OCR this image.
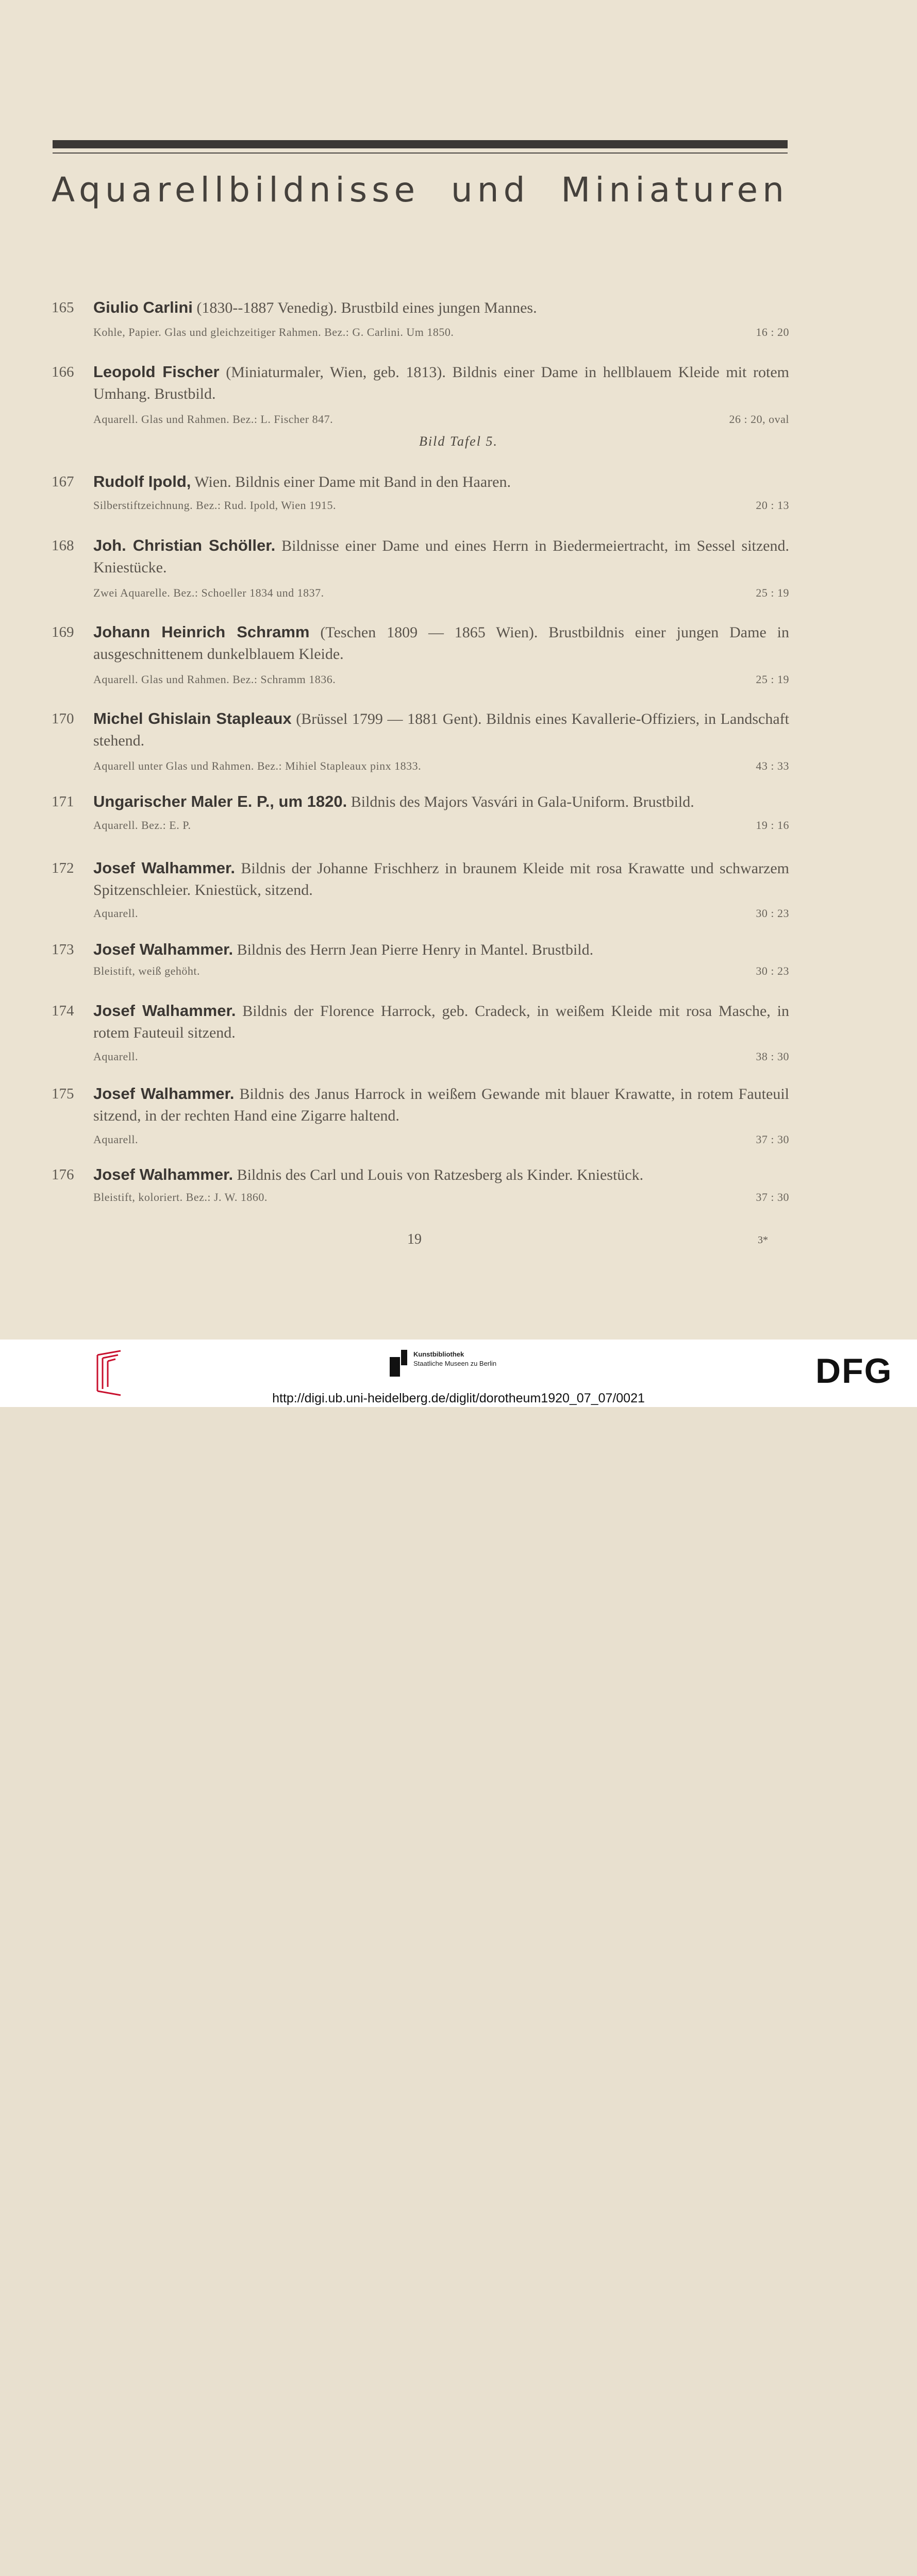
Aquarellbildnisse und Miniaturen
165	Giulio Carlini (1830--1887 Venedig). Brustbild eines jungen Mannes.
Kohle, Papier. Glas und gleichzeitiger Rahmen. Bez.: G. Carlini. Um 1850.	16 : 20
166	Leopold Fischer (Miniaturmaler, Wien, geb. 1813). Bildnis einer Dame in hellblauem Kleide mit rotem Umhang. Brustbild.
Aquarell. Glas und Rahmen. Bez.: L. Fischer 847.	26 : 20, oval
Bild Tafel 5.
167	Rudolf Ipold, Wien. Bildnis einer Dame mit Band in den Haaren.
Silberstiftzeichnung. Bez.: Rud. Ipold, Wien 1915.	20 : 13
168	Joh. Christian Schöller. Bildnisse einer Dame und eines Herrn in Biedermeiertracht, im Sessel sitzend. Kniestücke.
Zwei Aquarelle. Bez.: Schoeller 1834 und 1837.	25 : 19
169	Johann Heinrich Schramm (Teschen 1809 — 1865 Wien). Brustbildnis einer jungen Dame in ausgeschnittenem dunkelblauem Kleide.
Aquarell. Glas und Rahmen. Bez.: Schramm 1836.	25 : 19
170	Michel Ghislain Stapleaux (Brüssel 1799 — 1881 Gent). Bildnis eines Kavallerie-Offiziers, in Landschaft stehend.
Aquarell unter Glas und Rahmen. Bez.: Mihiel Stapleaux pinx 1833.	43 : 33
171	Ungarischer Maler E. P., um 1820. Bildnis des Majors Vasvári in Gala-Uniform. Brustbild.
Aquarell. Bez.: E. P.	19 : 16
172	Josef Walhammer. Bildnis der Johanne Frischherz in braunem Kleide mit rosa Krawatte und schwarzem Spitzenschleier. Kniestück, sitzend.
Aquarell.	30 : 23
173	Josef Walhammer. Bildnis des Herrn Jean Pierre Henry in Mantel. Brustbild.
Bleistift, weiß gehöht.	30 : 23
174	Josef Walhammer. Bildnis der Florence Harrock, geb. Cradeck, in weißem Kleide mit rosa Masche, in rotem Fauteuil sitzend.
Aquarell.	38 : 30
175	Josef Walhammer. Bildnis des Janus Harrock in weißem Gewande mit blauer Krawatte, in rotem Fauteuil sitzend, in der rechten Hand eine Zigarre haltend.
Aquarell.	37 : 30
176	Josef Walhammer. Bildnis des Carl und Louis von Ratzesberg als Kinder. Kniestück.
Bleistift, koloriert. Bez.: J. W. 1860.	37 : 30
19	3*
Kunstbibliothek
Staatliche Museen zu Berlin	DFG
http://digi.ub.uni-heidelberg.de/diglit/dorotheum1920_07_07/0021
